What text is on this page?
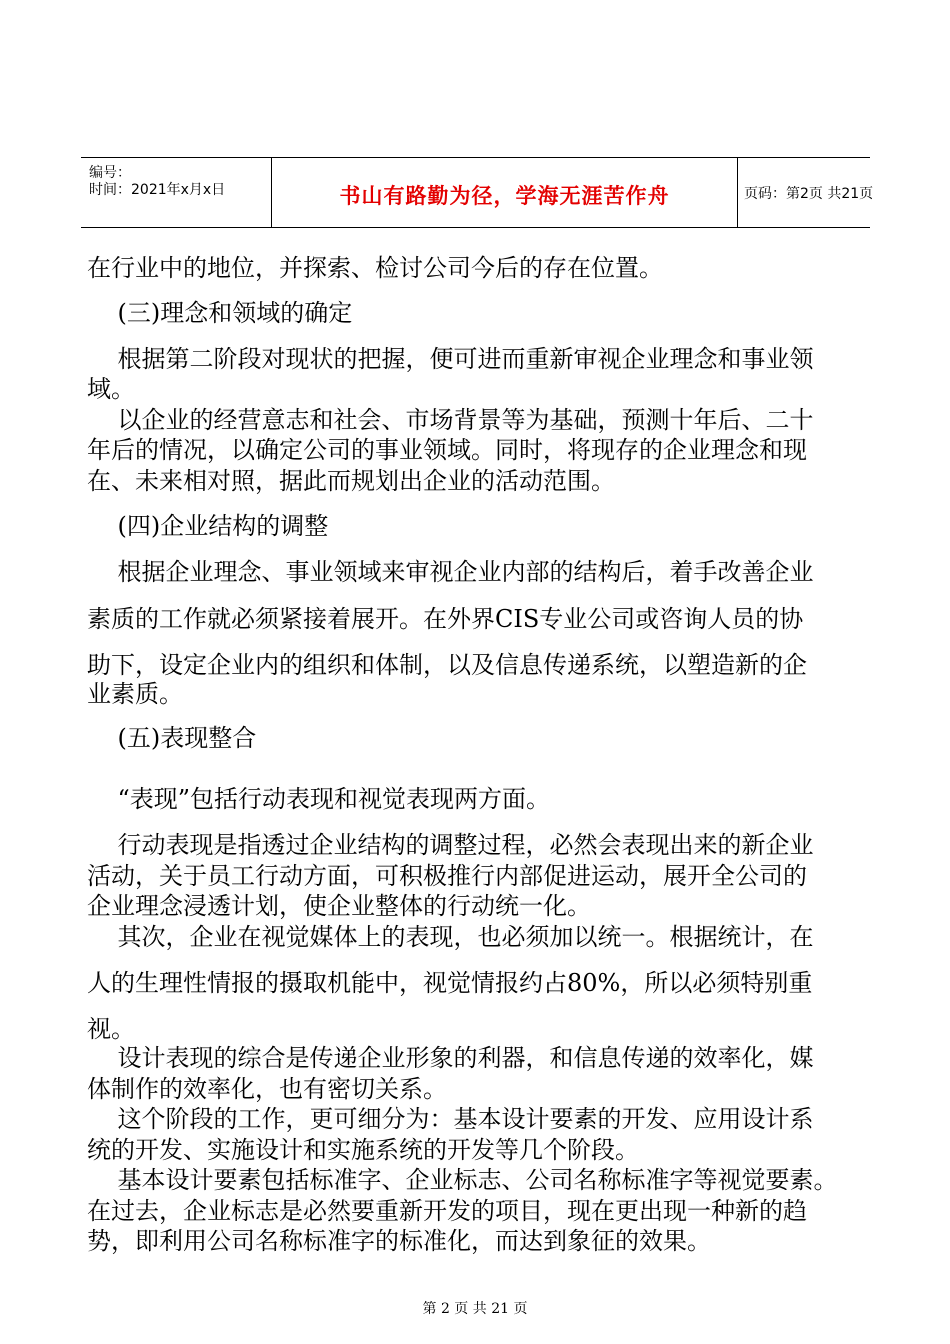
编号：
时间：2021年x月x日	书山有路勤为径，学海无涯苦作舟	页码：第2页 共21页
在行业中的地位，并探索、检讨公司今后的存在位置。
(三)理念和领域的确定
根据第二阶段对现状的把握，便可进而重新审视企业理念和事业领
域。
以企业的经营意志和社会、市场背景等为基础，预测十年后、二十
年后的情况，以确定公司的事业领域。同时，将现存的企业理念和现
在、未来相对照，据此而规划出企业的活动范围。
(四)企业结构的调整
根据企业理念、事业领域来审视企业内部的结构后，着手改善企业
素质的工作就必须紧接着展开。在外界CIS专业公司或咨询人员的协
助下，设定企业内的组织和体制，以及信息传递系统，以塑造新的企
业素质。
(五)表现整合
“表现”包括行动表现和视觉表现两方面。
行动表现是指透过企业结构的调整过程，必然会表现出来的新企业
活动，关于员工行动方面，可积极推行内部促进运动，展开全公司的
企业理念浸透计划，使企业整体的行动统一化。
其次，企业在视觉媒体上的表现，也必须加以统一。根据统计，在
人的生理性情报的摄取机能中，视觉情报约占80%，所以必须特别重
视。
设计表现的综合是传递企业形象的利器，和信息传递的效率化，媒
体制作的效率化，也有密切关系。
这个阶段的工作，更可细分为：基本设计要素的开发、应用设计系
统的开发、实施设计和实施系统的开发等几个阶段。
基本设计要素包括标准字、企业标志、公司名称标准字等视觉要素。
在过去，企业标志是必然要重新开发的项目，现在更出现一种新的趋
势，即利用公司名称标准字的标准化，而达到象征的效果。
第 2 页 共 21 页
